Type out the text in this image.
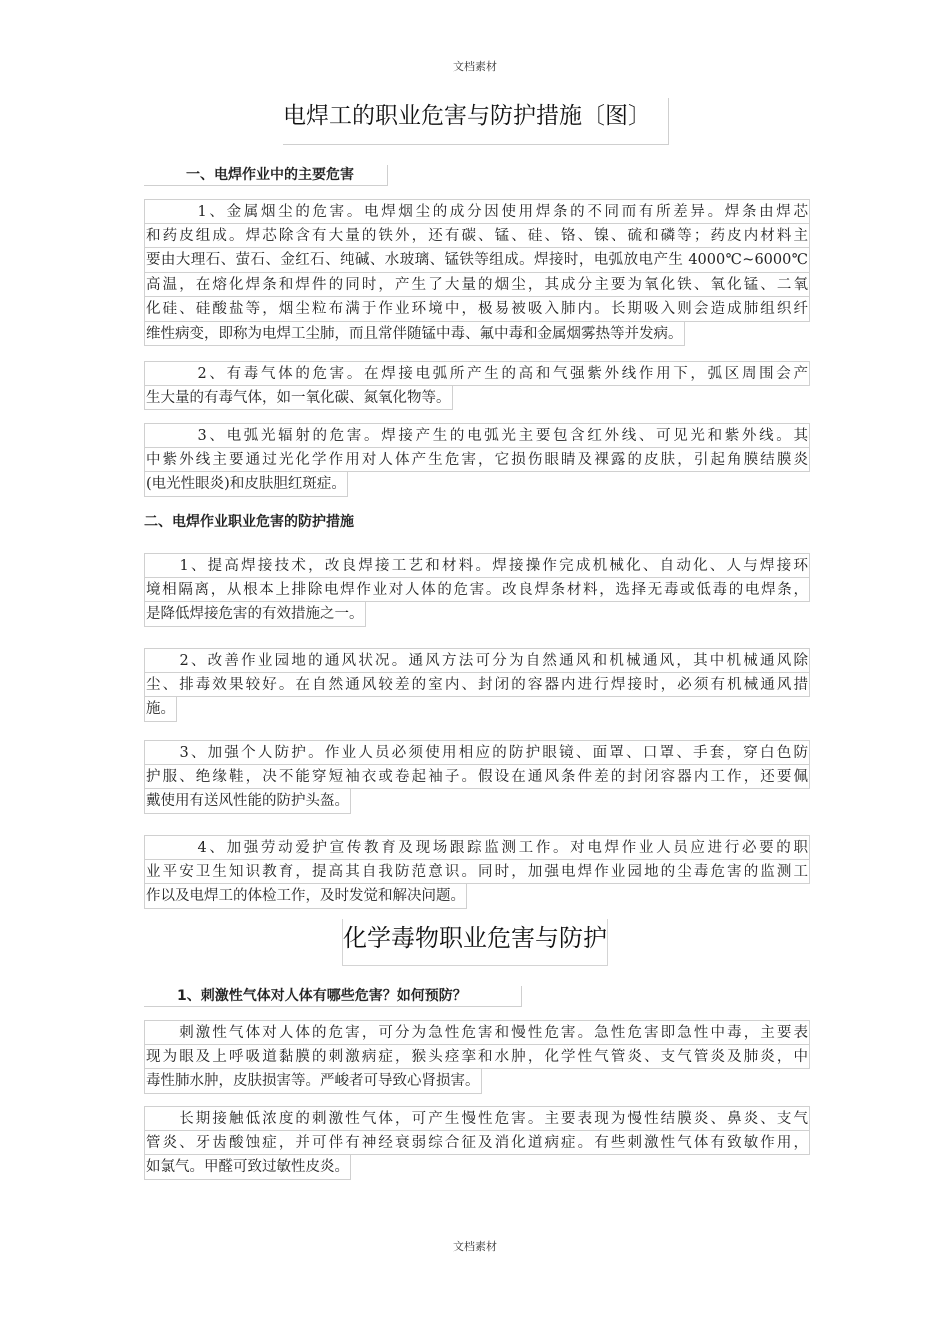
文档素材
电焊工的职业危害与防护措施〔图〕
一、电焊作业中的主要危害
　　　1、金属烟尘的危害。电焊烟尘的成分因使用焊条的不同而有所差异。焊条由焊芯
和药皮组成。焊芯除含有大量的铁外，还有碳、锰、硅、铬、镍、硫和磷等；药皮内材料主
要由大理石、萤石、金红石、纯碱、水玻璃、锰铁等组成。焊接时，电弧放电产生 4000℃~6000℃
高温，在熔化焊条和焊件的同时，产生了大量的烟尘，其成分主要为氧化铁、氧化锰、二氧
化硅、硅酸盐等，烟尘粒布满于作业环境中，极易被吸入肺内。长期吸入则会造成肺组织纤
维性病变，即称为电焊工尘肺，而且常伴随锰中毒、氟中毒和金属烟雾热等并发病。
　　　2、有毒气体的危害。在焊接电弧所产生的高和气强紫外线作用下，弧区周围会产
生大量的有毒气体，如一氧化碳、氮氧化物等。
　　　3、电弧光辐射的危害。焊接产生的电弧光主要包含红外线、可见光和紫外线。其
中紫外线主要通过光化学作用对人体产生危害，它损伤眼睛及裸露的皮肤，引起角膜结膜炎
(电光性眼炎)和皮肤胆红斑症。
二、电焊作业职业危害的防护措施
　　1、提高焊接技术，改良焊接工艺和材料。焊接操作完成机械化、自动化、人与焊接环
境相隔离，从根本上排除电焊作业对人体的危害。改良焊条材料，选择无毒或低毒的电焊条，
是降低焊接危害的有效措施之一。
　　2、改善作业园地的通风状况。通风方法可分为自然通风和机械通风，其中机械通风除
尘、排毒效果较好。在自然通风较差的室内、封闭的容器内进行焊接时，必须有机械通风措
施。
　　3、加强个人防护。作业人员必须使用相应的防护眼镜、面罩、口罩、手套，穿白色防
护服、绝缘鞋，决不能穿短袖衣或卷起袖子。假设在通风条件差的封闭容器内工作，还要佩
戴使用有送风性能的防护头盔。
　　　4、加强劳动爱护宣传教育及现场跟踪监测工作。对电焊作业人员应进行必要的职
业平安卫生知识教育，提高其自我防范意识。同时，加强电焊作业园地的尘毒危害的监测工
作以及电焊工的体检工作，及时发觉和解决问题。
化学毒物职业危害与防护
1、刺激性气体对人体有哪些危害？如何预防？
　　刺激性气体对人体的危害，可分为急性危害和慢性危害。急性危害即急性中毒，主要表
现为眼及上呼吸道黏膜的刺激病症，猴头痉挛和水肿，化学性气管炎、支气管炎及肺炎，中
毒性肺水肿，皮肤损害等。严峻者可导致心肾损害。
　　长期接触低浓度的刺激性气体，可产生慢性危害。主要表现为慢性结膜炎、鼻炎、支气
管炎、牙齿酸蚀症，并可伴有神经衰弱综合征及消化道病症。有些刺激性气体有致敏作用，
如氯气。甲醛可致过敏性皮炎。
文档素材
